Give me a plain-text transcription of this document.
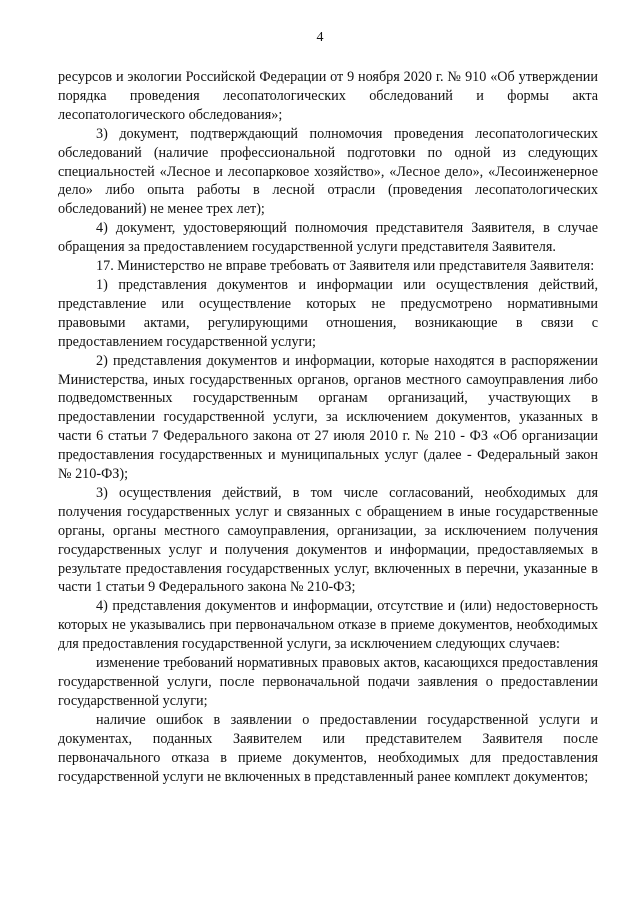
4

ресурсов и экологии Российской Федерации от 9 ноября 2020 г. № 910 «Об утверждении порядка проведения лесопатологических обследований и формы акта лесопатологического обследования»;

3) документ, подтверждающий полномочия проведения лесопатологических обследований (наличие профессиональной подготовки по одной из следующих специальностей «Лесное и лесопарковое хозяйство», «Лесное дело», «Лесоинженерное дело» либо опыта работы в лесной отрасли (проведения лесопатологических обследований) не менее трех лет);

4) документ, удостоверяющий полномочия представителя Заявителя, в случае обращения за предоставлением государственной услуги представителя Заявителя.

17. Министерство не вправе требовать от Заявителя или представителя Заявителя:

1) представления документов и информации или осуществления действий, представление или осуществление которых не предусмотрено нормативными правовыми актами, регулирующими отношения, возникающие в связи с предоставлением государственной услуги;

2) представления документов и информации, которые находятся в распоряжении Министерства, иных государственных органов, органов местного самоуправления либо подведомственных государственным органам организаций, участвующих в предоставлении государственной услуги, за исключением документов, указанных в части 6 статьи 7 Федерального закона от 27 июля 2010 г. № 210 - ФЗ «Об организации предоставления государственных и муниципальных услуг (далее - Федеральный закон № 210-ФЗ);

3) осуществления действий, в том числе согласований, необходимых для получения государственных услуг и связанных с обращением в иные государственные органы, органы местного самоуправления, организации, за исключением получения государственных услуг и получения документов и информации, предоставляемых в результате предоставления государственных услуг, включенных в перечни, указанные в части 1 статьи 9 Федерального закона № 210-ФЗ;

4) представления документов и информации, отсутствие и (или) недостоверность которых не указывались при первоначальном отказе в приеме документов, необходимых для предоставления государственной услуги, за исключением следующих случаев:

изменение требований нормативных правовых актов, касающихся предоставления государственной услуги, после первоначальной подачи заявления о предоставлении государственной услуги;

наличие ошибок в заявлении о предоставлении государственной услуги и документах, поданных Заявителем или представителем Заявителя после первоначального отказа в приеме документов, необходимых для предоставления государственной услуги не включенных в представленный ранее комплект документов;
